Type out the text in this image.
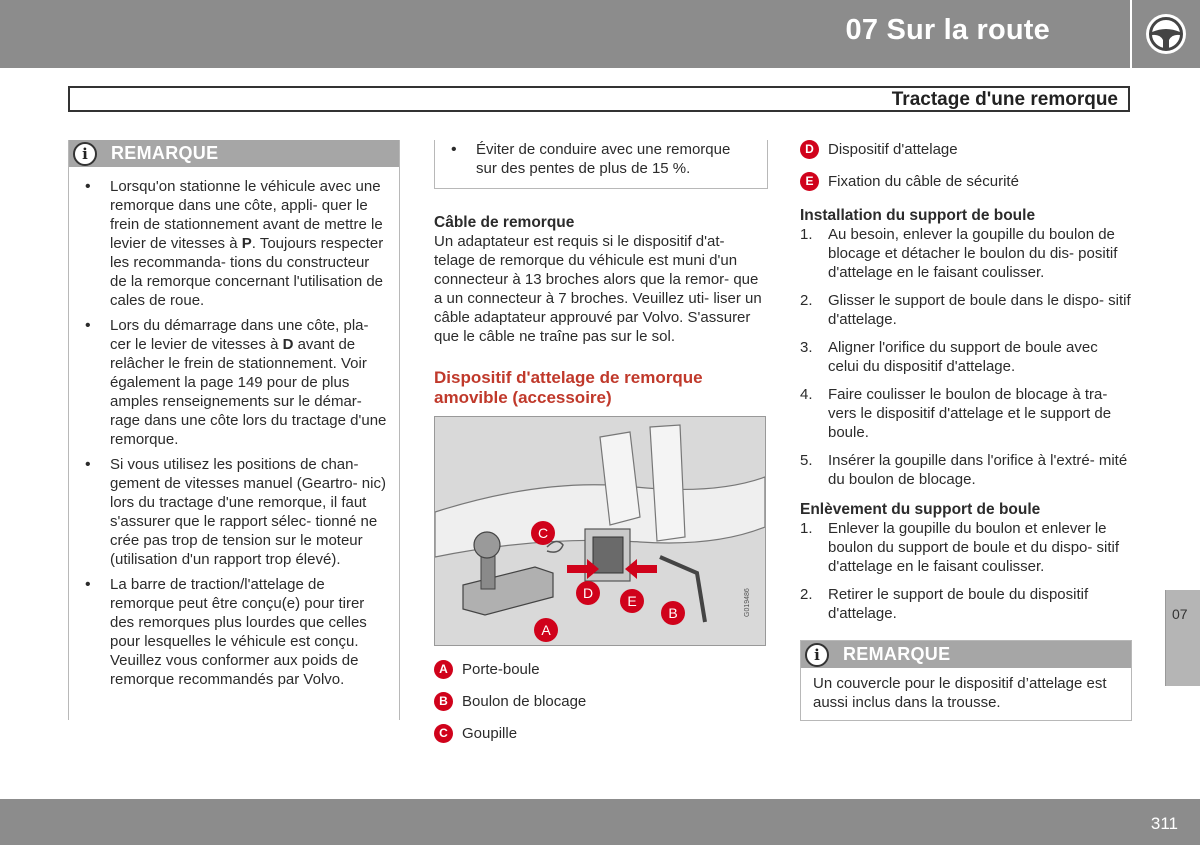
07 Sur la route
Tractage d'une remorque
i	REMARQUE
• Lorsqu'on stationne le véhicule avec une remorque dans une côte, appli- quer le frein de stationnement avant de mettre le levier de vitesses à P. Toujours respecter les recommanda- tions du constructeur de la remorque concernant l'utilisation de cales de roue.
• Lors du démarrage dans une côte, pla- cer le levier de vitesses à D avant de relâcher le frein de stationnement. Voir également la page 149 pour de plus amples renseignements sur le démar- rage dans une côte lors du tractage d'une remorque.
• Si vous utilisez les positions de chan- gement de vitesses manuel (Geartro- nic) lors du tractage d'une remorque, il faut s'assurer que le rapport sélec- tionné ne crée pas trop de tension sur le moteur (utilisation d'un rapport trop élevé).
• La barre de traction/l'attelage de remorque peut être conçu(e) pour tirer des remorques plus lourdes que celles pour lesquelles le véhicule est conçu. Veuillez vous conformer aux poids de remorque recommandés par Volvo.
• Éviter de conduire avec une remorque sur des pentes de plus de 15 %.
Câble de remorque

Un adaptateur est requis si le dispositif d'at- telage de remorque du véhicule est muni d'un connecteur à 13 broches alors que la remor- que a un connecteur à 7 broches. Veuillez uti- liser un câble adaptateur approuvé par Volvo. S'assurer que le câble ne traîne pas sur le sol.

Dispositif d'attelage de remorque amovible (accessoire)
C
D E
B
A
G019486
A Porte-boule
B Boulon de blocage
C Goupille
D Dispositif d'attelage
E Fixation du câble de sécurité
Installation du support de boule
1. Au besoin, enlever la goupille du boulon de blocage et détacher le boulon du dis- positif d'attelage en le faisant coulisser.
2. Glisser le support de boule dans le dispo- sitif d'attelage.
3. Aligner l'orifice du support de boule avec celui du dispositif d'attelage.
4. Faire coulisser le boulon de blocage à tra- vers le dispositif d'attelage et le support de boule.
5. Insérer la goupille dans l'orifice à l'extré- mité du boulon de blocage.
Enlèvement du support de boule
1. Enlever la goupille du boulon et enlever le boulon du support de boule et du dispo- sitif d'attelage en le faisant coulisser.
2. Retirer le support de boule du dispositif d'attelage.
i	REMARQUE
Un couvercle pour le dispositif d’attelage est aussi inclus dans la trousse.
07
311
